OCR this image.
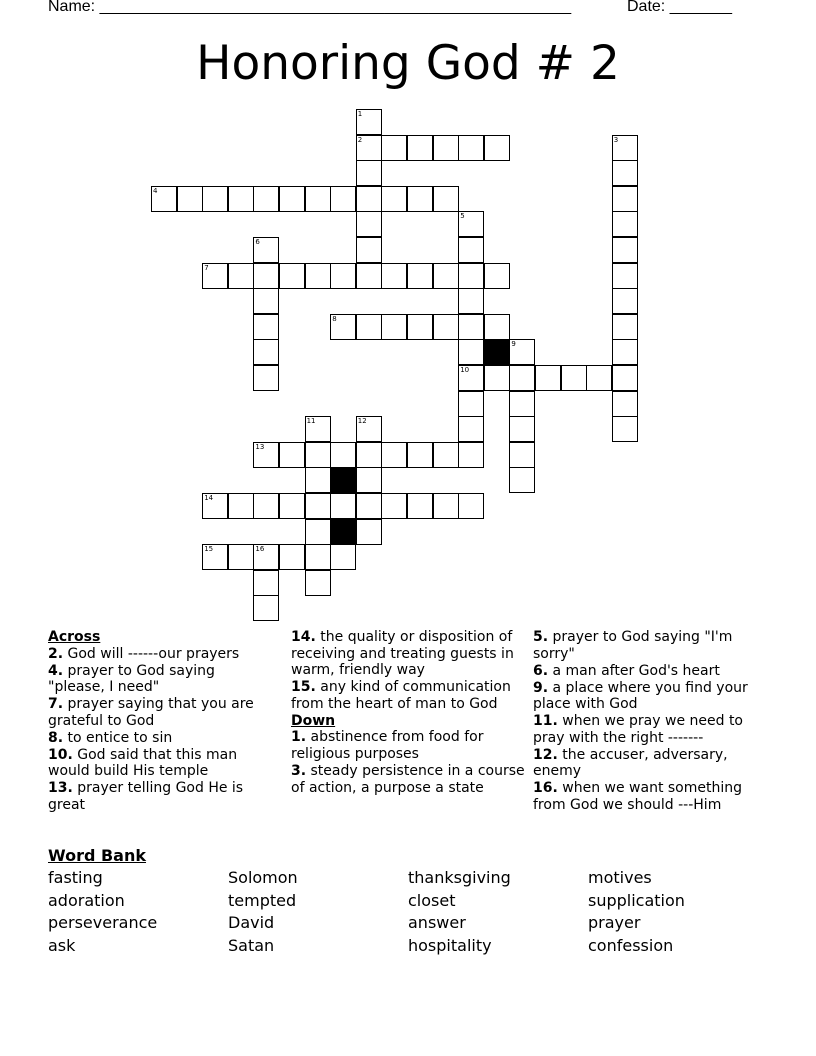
Name: _____________________________________________________	Date: _______
Honoring God # 2
1
2	3
4
5
10
6
7
8
9
11	12
13
14
15	16
Across

2. God will ------our prayers

4. prayer to God saying "please, I need"

7. prayer saying that you are grateful to God

8. to entice to sin

10. God said that this man would build His temple

13. prayer telling God He is great

14. the quality or disposition of receiving and treating guests in warm, friendly way

15. any kind of communication from the heart of man to God

Down

1. abstinence from food for religious purposes

3. steady persistence in a course of action, a purpose a state

5. prayer to God saying "I'm sorry"

6. a man after God's heart

9. a place where you find your place with God

11. when we pray we need to pray with the right -------

12. the accuser, adversary, enemy

16. when we want something from God we should ---Him

Word Bank
fasting
adoration
perseverance
ask
Solomon
tempted
David
Satan
thanksgiving
closet
answer
hospitality
motives
supplication
prayer
confession
